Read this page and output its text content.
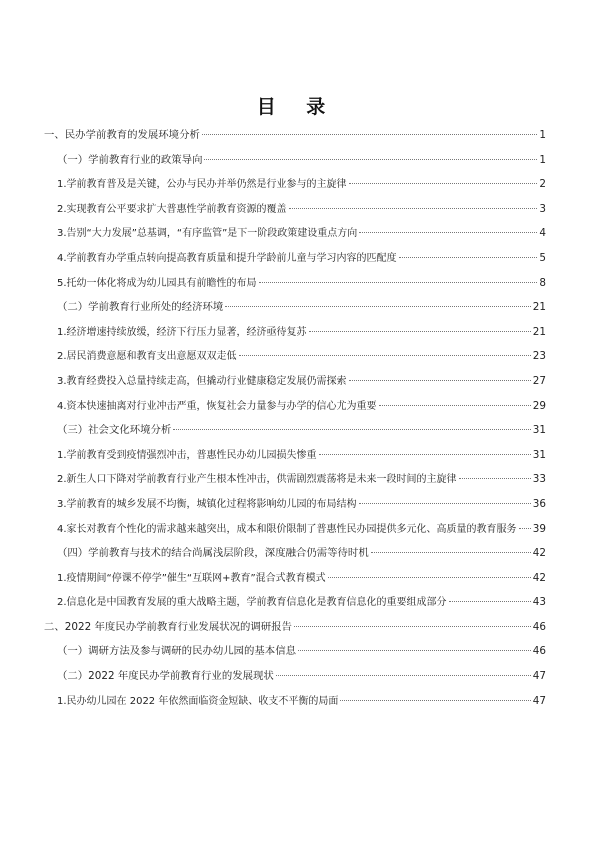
目 录
一、民办学前教育的发展环境分析	1
（一）学前教育行业的政策导向	1
1.学前教育普及是关键，公办与民办并举仍然是行业参与的主旋律	2
2.实现教育公平要求扩大普惠性学前教育资源的覆盖	3
3.告别“大力发展”总基调，“有序监管”是下一阶段政策建设重点方向	4
4.学前教育办学重点转向提高教育质量和提升学龄前儿童与学习内容的匹配度	5
5.托幼一体化将成为幼儿园具有前瞻性的布局	8
（二）学前教育行业所处的经济环境	21
1.经济增速持续放缓，经济下行压力显著，经济亟待复苏	21
2.居民消费意愿和教育支出意愿双双走低	23
3.教育经费投入总量持续走高，但撬动行业健康稳定发展仍需探索	27
4.资本快速抽离对行业冲击严重，恢复社会力量参与办学的信心尤为重要	29
（三）社会文化环境分析	31
1.学前教育受到疫情强烈冲击，普惠性民办幼儿园损失惨重	31
2.新生人口下降对学前教育行业产生根本性冲击，供需剧烈震荡将是未来一段时间的主旋律	33
3.学前教育的城乡发展不均衡，城镇化过程将影响幼儿园的布局结构	36
4.家长对教育个性化的需求越来越突出，成本和限价限制了普惠性民办园提供多元化、高质量的教育服务 39
（四）学前教育与技术的结合尚属浅层阶段，深度融合仍需等待时机	42
1.疫情期间“停课不停学”催生“互联网+教育”混合式教育模式	42
2.信息化是中国教育发展的重大战略主题，学前教育信息化是教育信息化的重要组成部分	43
二、2022 年度民办学前教育行业发展状况的调研报告	46
（一）调研方法及参与调研的民办幼儿园的基本信息	46
（二）2022 年度民办学前教育行业的发展现状	47
1.民办幼儿园在 2022 年依然面临资金短缺、收支不平衡的局面	47
